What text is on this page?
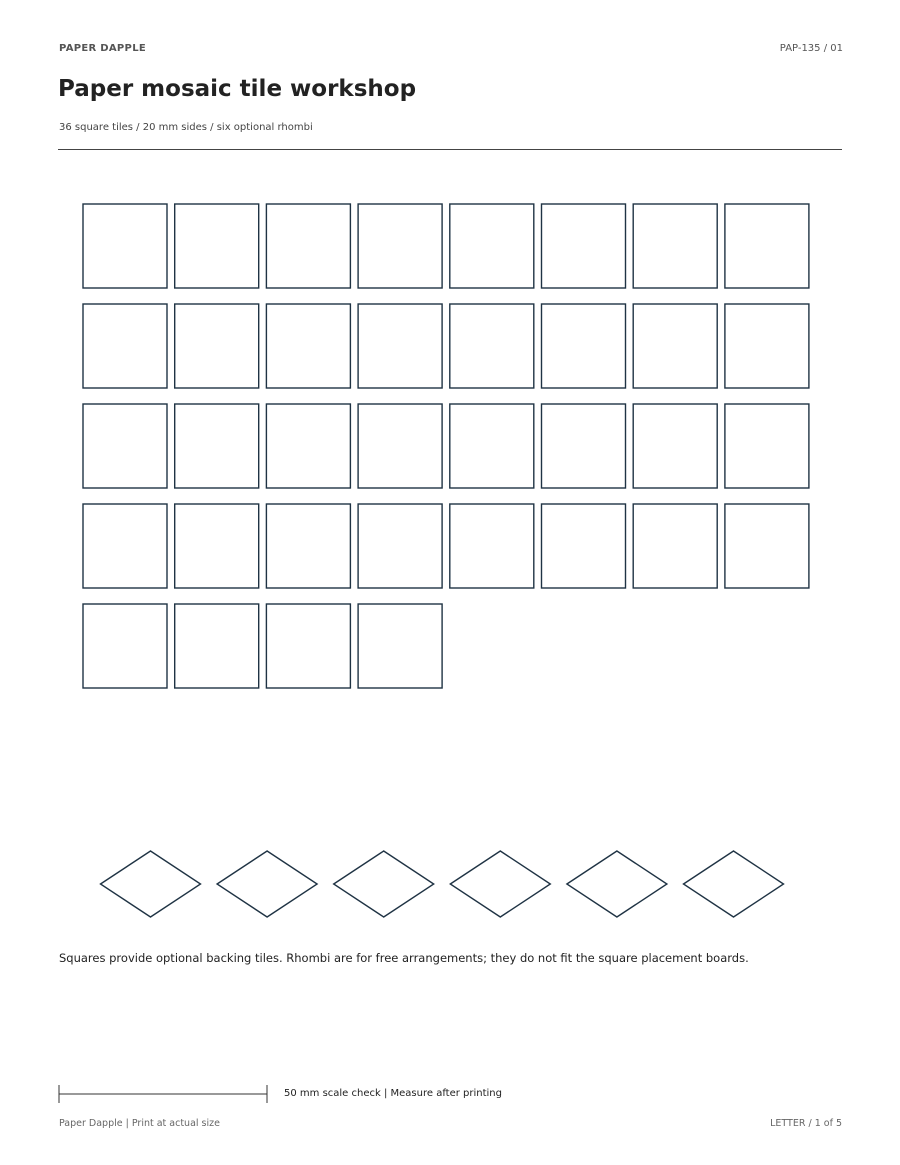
PAPER DAPPLE	PAP-135 / 01
Paper mosaic tile workshop
36 square tiles / 20 mm sides / six optional rhombi
Squares provide optional backing tiles. Rhombi are for free arrangements; they do not fit the square placement boards.
50 mm scale check | Measure after printing
Paper Dapple | Print at actual size	LETTER / 1 of 5
